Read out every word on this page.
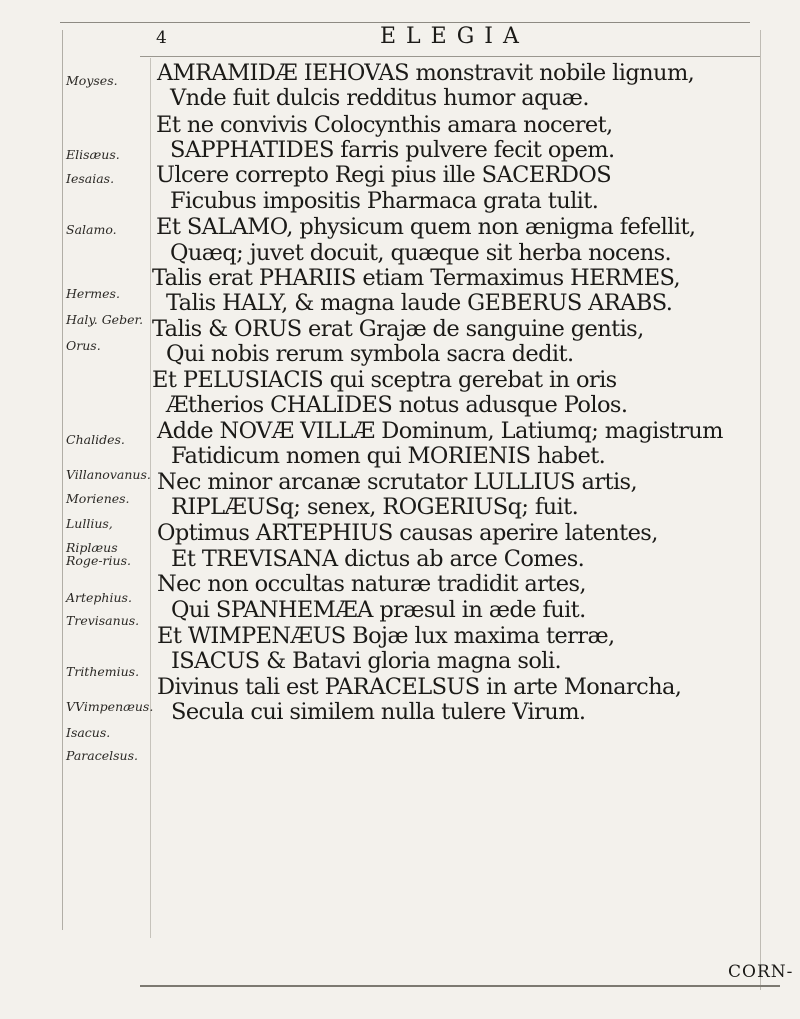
4	ELEGIA
Moyses.
Elisæus.
Iesaias.
Salamo.
Hermes.
Haly. Geber.
Orus.
Chalides.
Villanovanus.
Morienes.
Lullius,
Riplæus Roge-rius.
Artephius.
Trevisanus.
Trithemius.
VVimpenæus.
Isacus.
Paracelsus.
AMRAMIDÆ IEHOVAS monstravit nobile lignum,
Vnde fuit dulcis redditus humor aquæ.
Et ne convivis Colocynthis amara noceret,
SAPPHATIDES farris pulvere fecit opem.
Ulcere correpto Regi pius ille SACERDOS
Ficubus impositis Pharmaca grata tulit.
Et SALAMO, physicum quem non ænigma fefellit,
Quæq; juvet docuit, quæque sit herba nocens.
Talis erat PHARIIS etiam Termaximus HERMES,
Talis HALY, & magna laude GEBERUS ARABS.
Talis & ORUS erat Grajæ de sanguine gentis,
Qui nobis rerum symbola sacra dedit.
Et PELUSIACIS qui sceptra gerebat in oris
Ætherios CHALIDES notus adusque Polos.
Adde NOVÆ VILLÆ Dominum, Latiumq; magistrum
Fatidicum nomen qui MORIENIS habet.
Nec minor arcanæ scrutator LULLIUS artis,
RIPLÆUSq; senex, ROGERIUSq; fuit.
Optimus ARTEPHIUS causas aperire latentes,
Et TREVISANA dictus ab arce Comes.
Nec non occultas naturæ tradidit artes,
Qui SPANHEMÆA præsul in æde fuit.
Et WIMPENÆUS Bojæ lux maxima terræ,
ISACUS & Batavi gloria magna soli.
Divinus tali est PARACELSUS in arte Monarcha,
Secula cui similem nulla tulere Virum.
CORN-
